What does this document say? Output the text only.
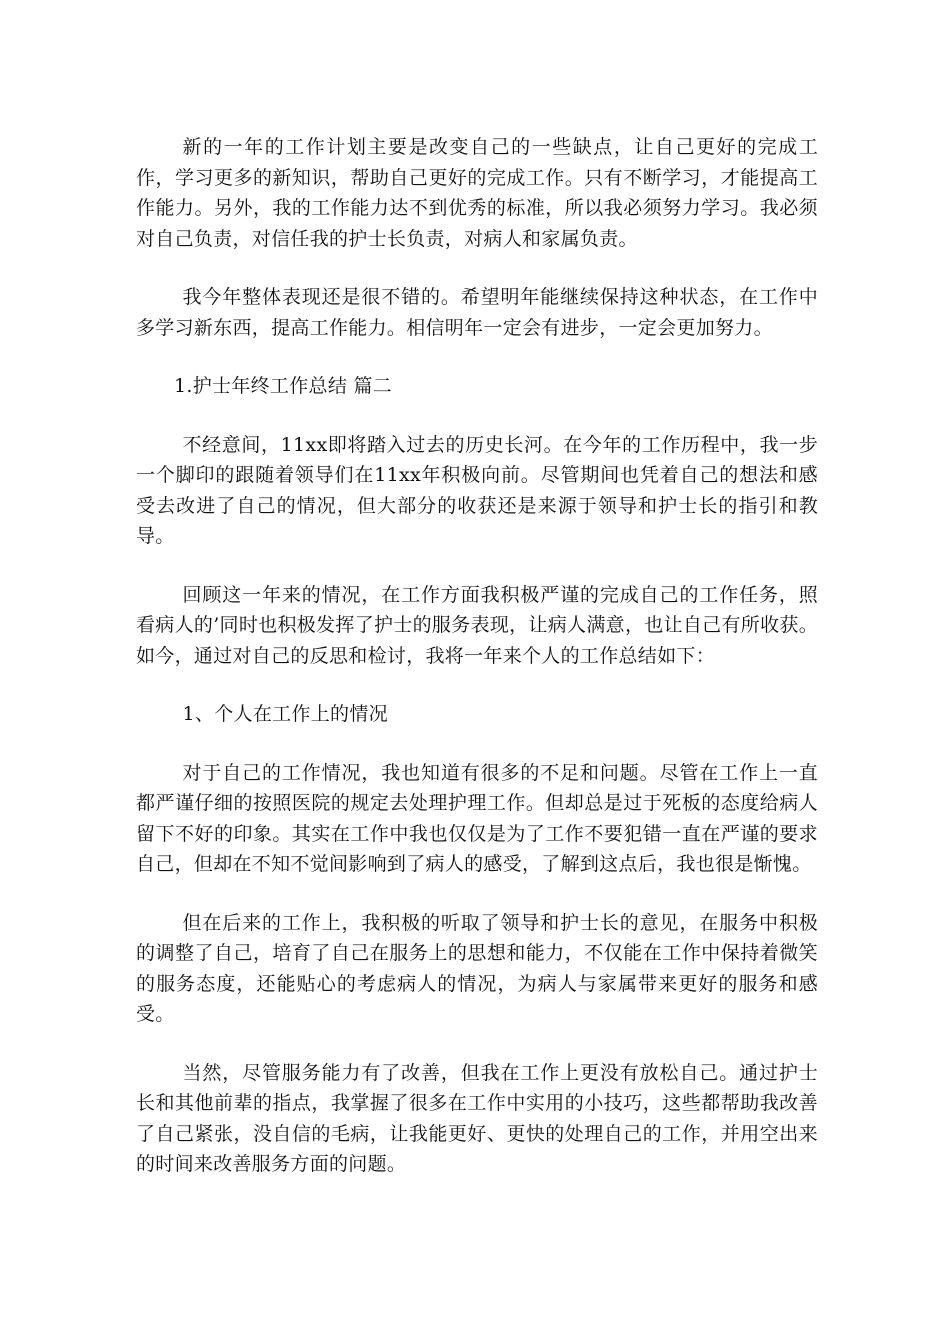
新的一年的工作计划主要是改变自己的一些缺点，让自己更好的完成工作，学习更多的新知识，帮助自己更好的完成工作。只有不断学习，才能提高工作能力。另外，我的工作能力达不到优秀的标准，所以我必须努力学习。我必须对自己负责，对信任我的护士长负责，对病人和家属负责。

我今年整体表现还是很不错的。希望明年能继续保持这种状态，在工作中多学习新东西，提高工作能力。相信明年一定会有进步，一定会更加努力。

1.护士年终工作总结 篇二

不经意间，11xx即将踏入过去的历史长河。在今年的工作历程中，我一步一个脚印的跟随着领导们在11xx年积极向前。尽管期间也凭着自己的想法和感受去改进了自己的情况，但大部分的收获还是来源于领导和护士长的指引和教导。

回顾这一年来的情况，在工作方面我积极严谨的完成自己的工作任务，照看病人的’同时也积极发挥了护士的服务表现，让病人满意，也让自己有所收获。如今，通过对自己的反思和检讨，我将一年来个人的工作总结如下：

1、个人在工作上的情况

对于自己的工作情况，我也知道有很多的不足和问题。尽管在工作上一直都严谨仔细的按照医院的规定去处理护理工作。但却总是过于死板的态度给病人留下不好的印象。其实在工作中我也仅仅是为了工作不要犯错一直在严谨的要求自己，但却在不知不觉间影响到了病人的感受，了解到这点后，我也很是惭愧。

但在后来的工作上，我积极的听取了领导和护士长的意见，在服务中积极的调整了自己，培育了自己在服务上的思想和能力，不仅能在工作中保持着微笑的服务态度，还能贴心的考虑病人的情况，为病人与家属带来更好的服务和感受。

当然，尽管服务能力有了改善，但我在工作上更没有放松自己。通过护士长和其他前辈的指点，我掌握了很多在工作中实用的小技巧，这些都帮助我改善了自己紧张，没自信的毛病，让我能更好、更快的处理自己的工作，并用空出来的时间来改善服务方面的问题。
